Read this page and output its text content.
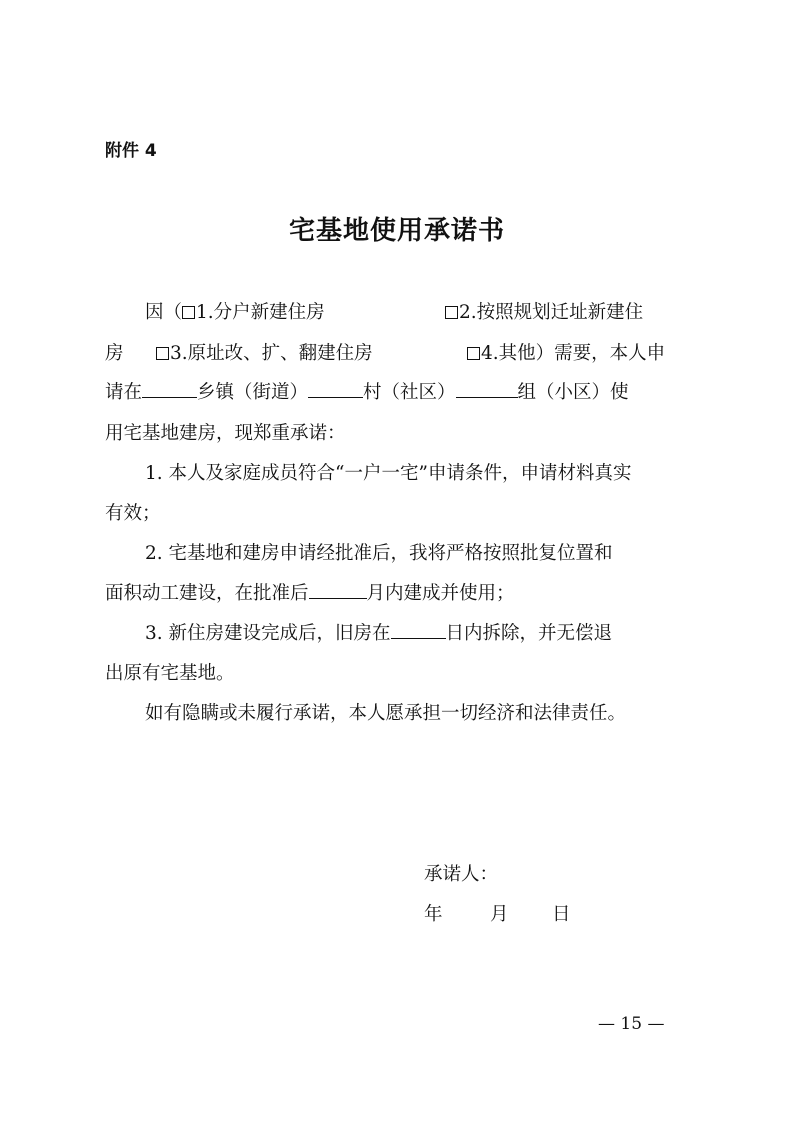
附件 4
宅基地使用承诺书
因（ 1.分户新建住房	2.按照规划迁址新建住
房	3.原址改、扩、翻建住房	4.其他）需要，本人申
请在	乡镇（街道）	村（社区）	组（小区）使
用宅基地建房，现郑重承诺：
1. 本人及家庭成员符合“一户一宅”申请条件，申请材料真实
有效；
2. 宅基地和建房申请经批准后，我将严格按照批复位置和
面积动工建设，在批准后	月内建成并使用；
3. 新住房建设完成后，旧房在	日内拆除，并无偿退
出原有宅基地。
如有隐瞒或未履行承诺，本人愿承担一切经济和法律责任。
承诺人：
年	月 日
— 15 —
